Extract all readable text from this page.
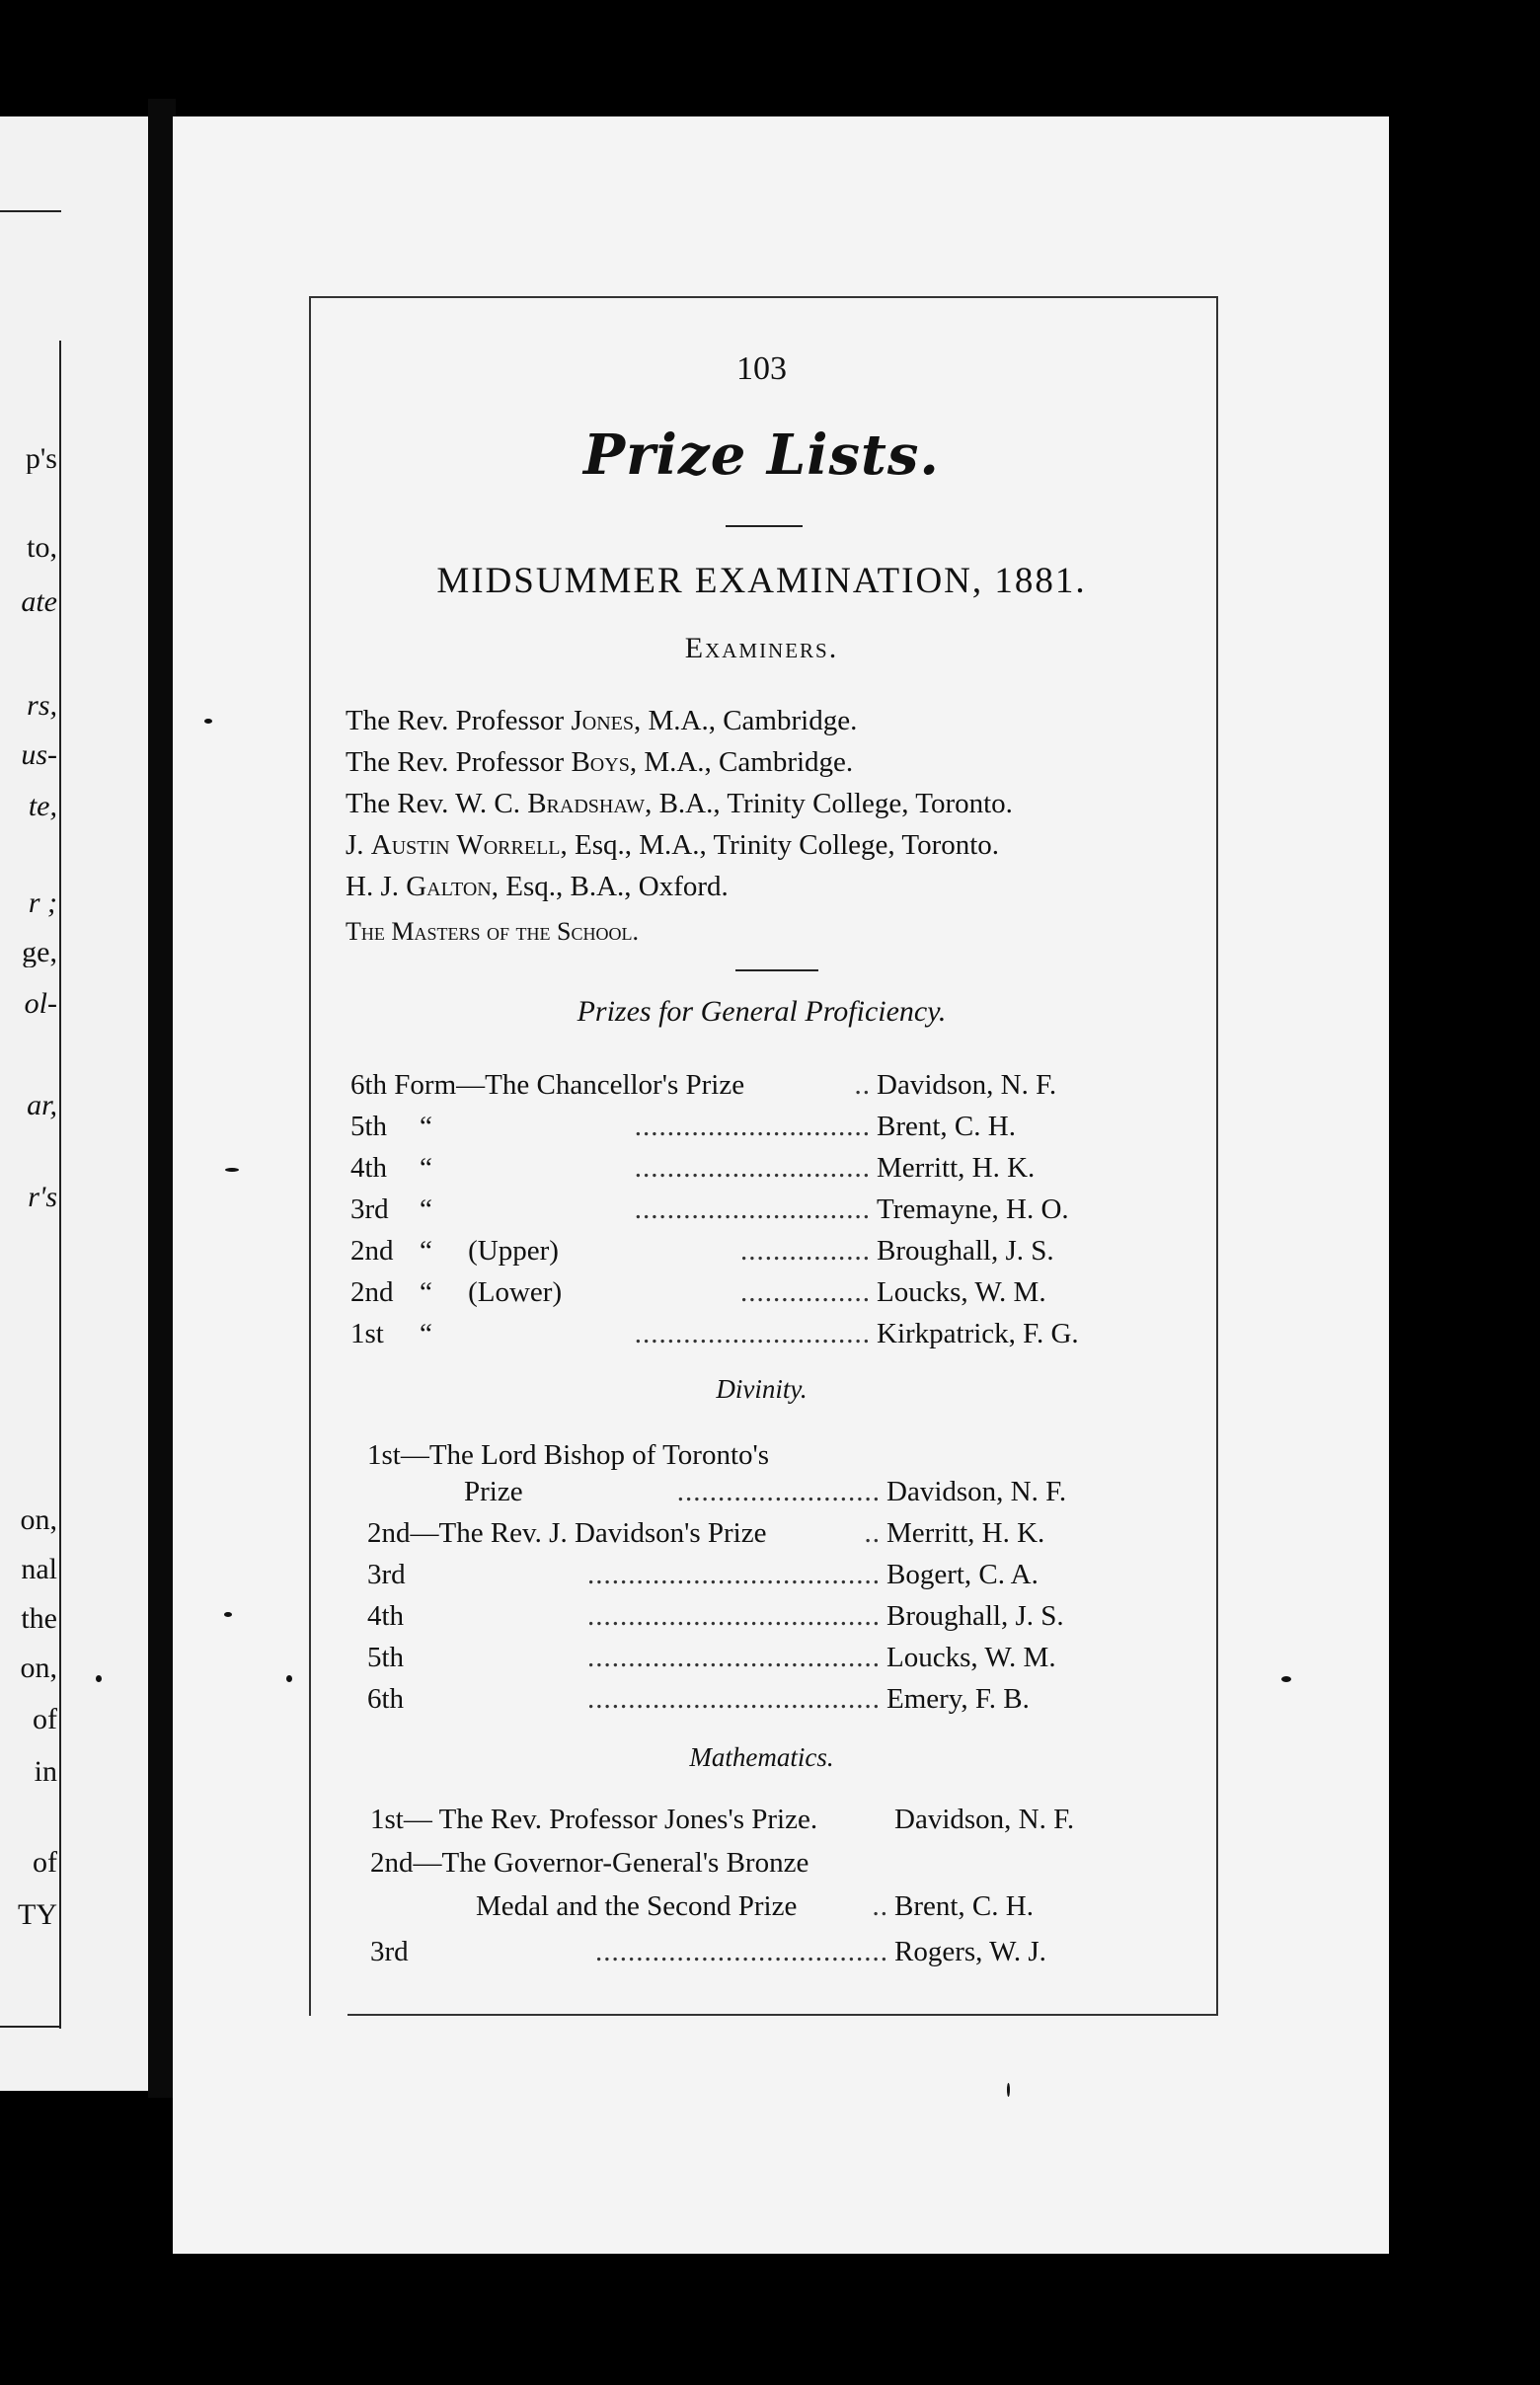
p's
to,
ate
rs,
us-
te,
r ;
ge,
ol-
ar,
r's
on,
nal
the
on,
of
in
of
TY
103
Prize Lists.
MIDSUMMER EXAMINATION, 1881.
Examiners.
The Rev. Professor Jones, M.A., Cambridge.
The Rev. Professor Boys, M.A., Cambridge.
The Rev. W. C. Bradshaw, B.A., Trinity College, Toronto.
J. Austin Worrell, Esq., M.A., Trinity College, Toronto.
H. J. Galton, Esq., B.A., Oxford.
The Masters of the School.
Prizes for General Proficiency.
6th Form—The Chancellor's Prize	.. Davidson, N. F.
5th “	............................. Brent, C. H.
4th “	............................. Merritt, H. K.
3rd “	............................. Tremayne, H. O.
2nd “     (Upper)	................ Broughall, J. S.
2nd “     (Lower)	................ Loucks, W. M.
1st “	............................. Kirkpatrick, F. G.
Divinity.
1st—The Lord Bishop of Toronto's
Prize	......................... Davidson, N. F.
2nd—The Rev. J. Davidson's Prize	.. Merritt, H. K.
3rd	.................................... Bogert, C. A.
4th	.................................... Broughall, J. S.
5th	.................................... Loucks, W. M.
6th	.................................... Emery, F. B.
Mathematics.
1st— The Rev. Professor Jones's Prize.	Davidson, N. F.
2nd—The Governor-General's Bronze
Medal and the Second Prize	.. Brent, C. H.
3rd	.................................... Rogers, W. J.
